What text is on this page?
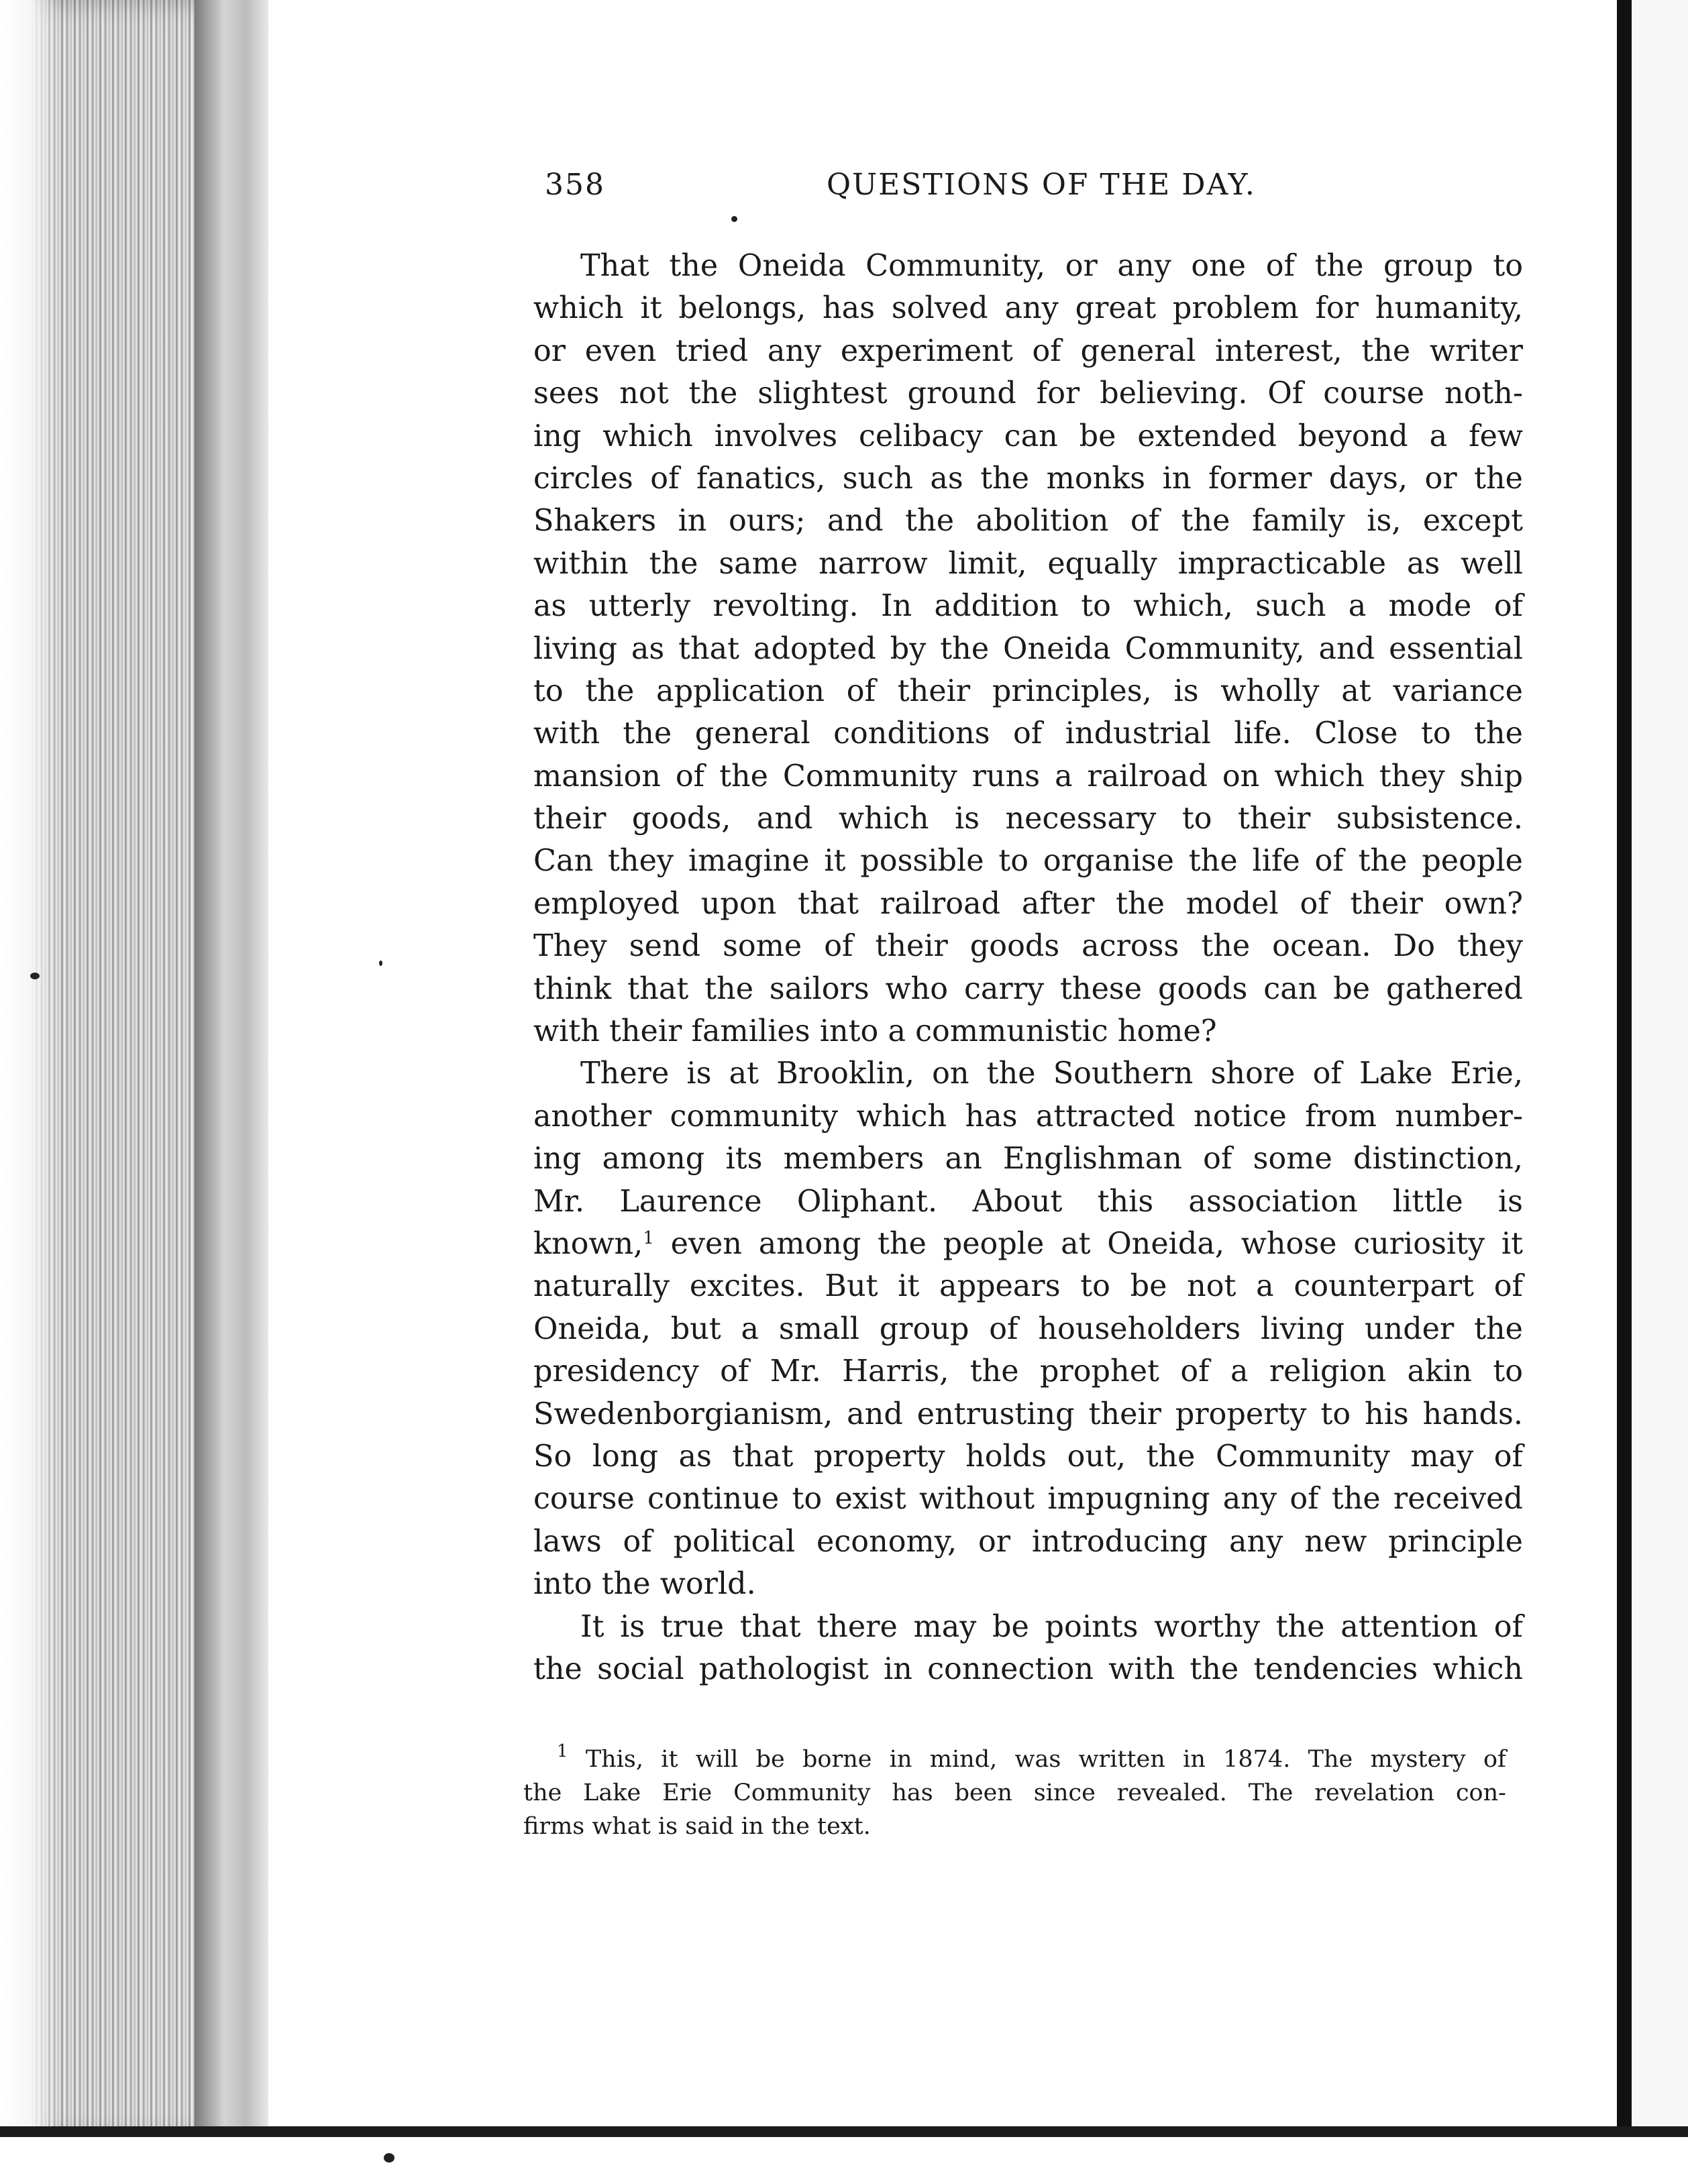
358	QUESTIONS OF THE DAY.
That the Oneida Community, or any one of the group to
which it belongs, has solved any great problem for humanity,
or even tried any experiment of general interest, the writer
sees not the slightest ground for believing. Of course noth-
ing which involves celibacy can be extended beyond a few
circles of fanatics, such as the monks in former days, or the
Shakers in ours; and the abolition of the family is, except
within the same narrow limit, equally impracticable as well
as utterly revolting. In addition to which, such a mode of
living as that adopted by the Oneida Community, and essential
to the application of their principles, is wholly at variance
with the general conditions of industrial life. Close to the
mansion of the Community runs a railroad on which they ship
their goods, and which is necessary to their subsistence.
Can they imagine it possible to organise the life of the people
employed upon that railroad after the model of their own?
They send some of their goods across the ocean. Do they
think that the sailors who carry these goods can be gathered
with their families into a communistic home?
There is at Brooklin, on the Southern shore of Lake Erie,
another community which has attracted notice from number-
ing among its members an Englishman of some distinction,
Mr. Laurence Oliphant. About this association little is
known,$^1$ even among the people at Oneida, whose curiosity it
naturally excites. But it appears to be not a counterpart of
Oneida, but a small group of householders living under the
presidency of Mr. Harris, the prophet of a religion akin to
Swedenborgianism, and entrusting their property to his hands.
So long as that property holds out, the Community may of
course continue to exist without impugning any of the received
laws of political economy, or introducing any new principle
into the world.
It is true that there may be points worthy the attention of
the social pathologist in connection with the tendencies which
$^1$ This, it will be borne in mind, was written in 1874. The mystery of
the Lake Erie Community has been since revealed. The revelation con-
firms what is said in the text.
